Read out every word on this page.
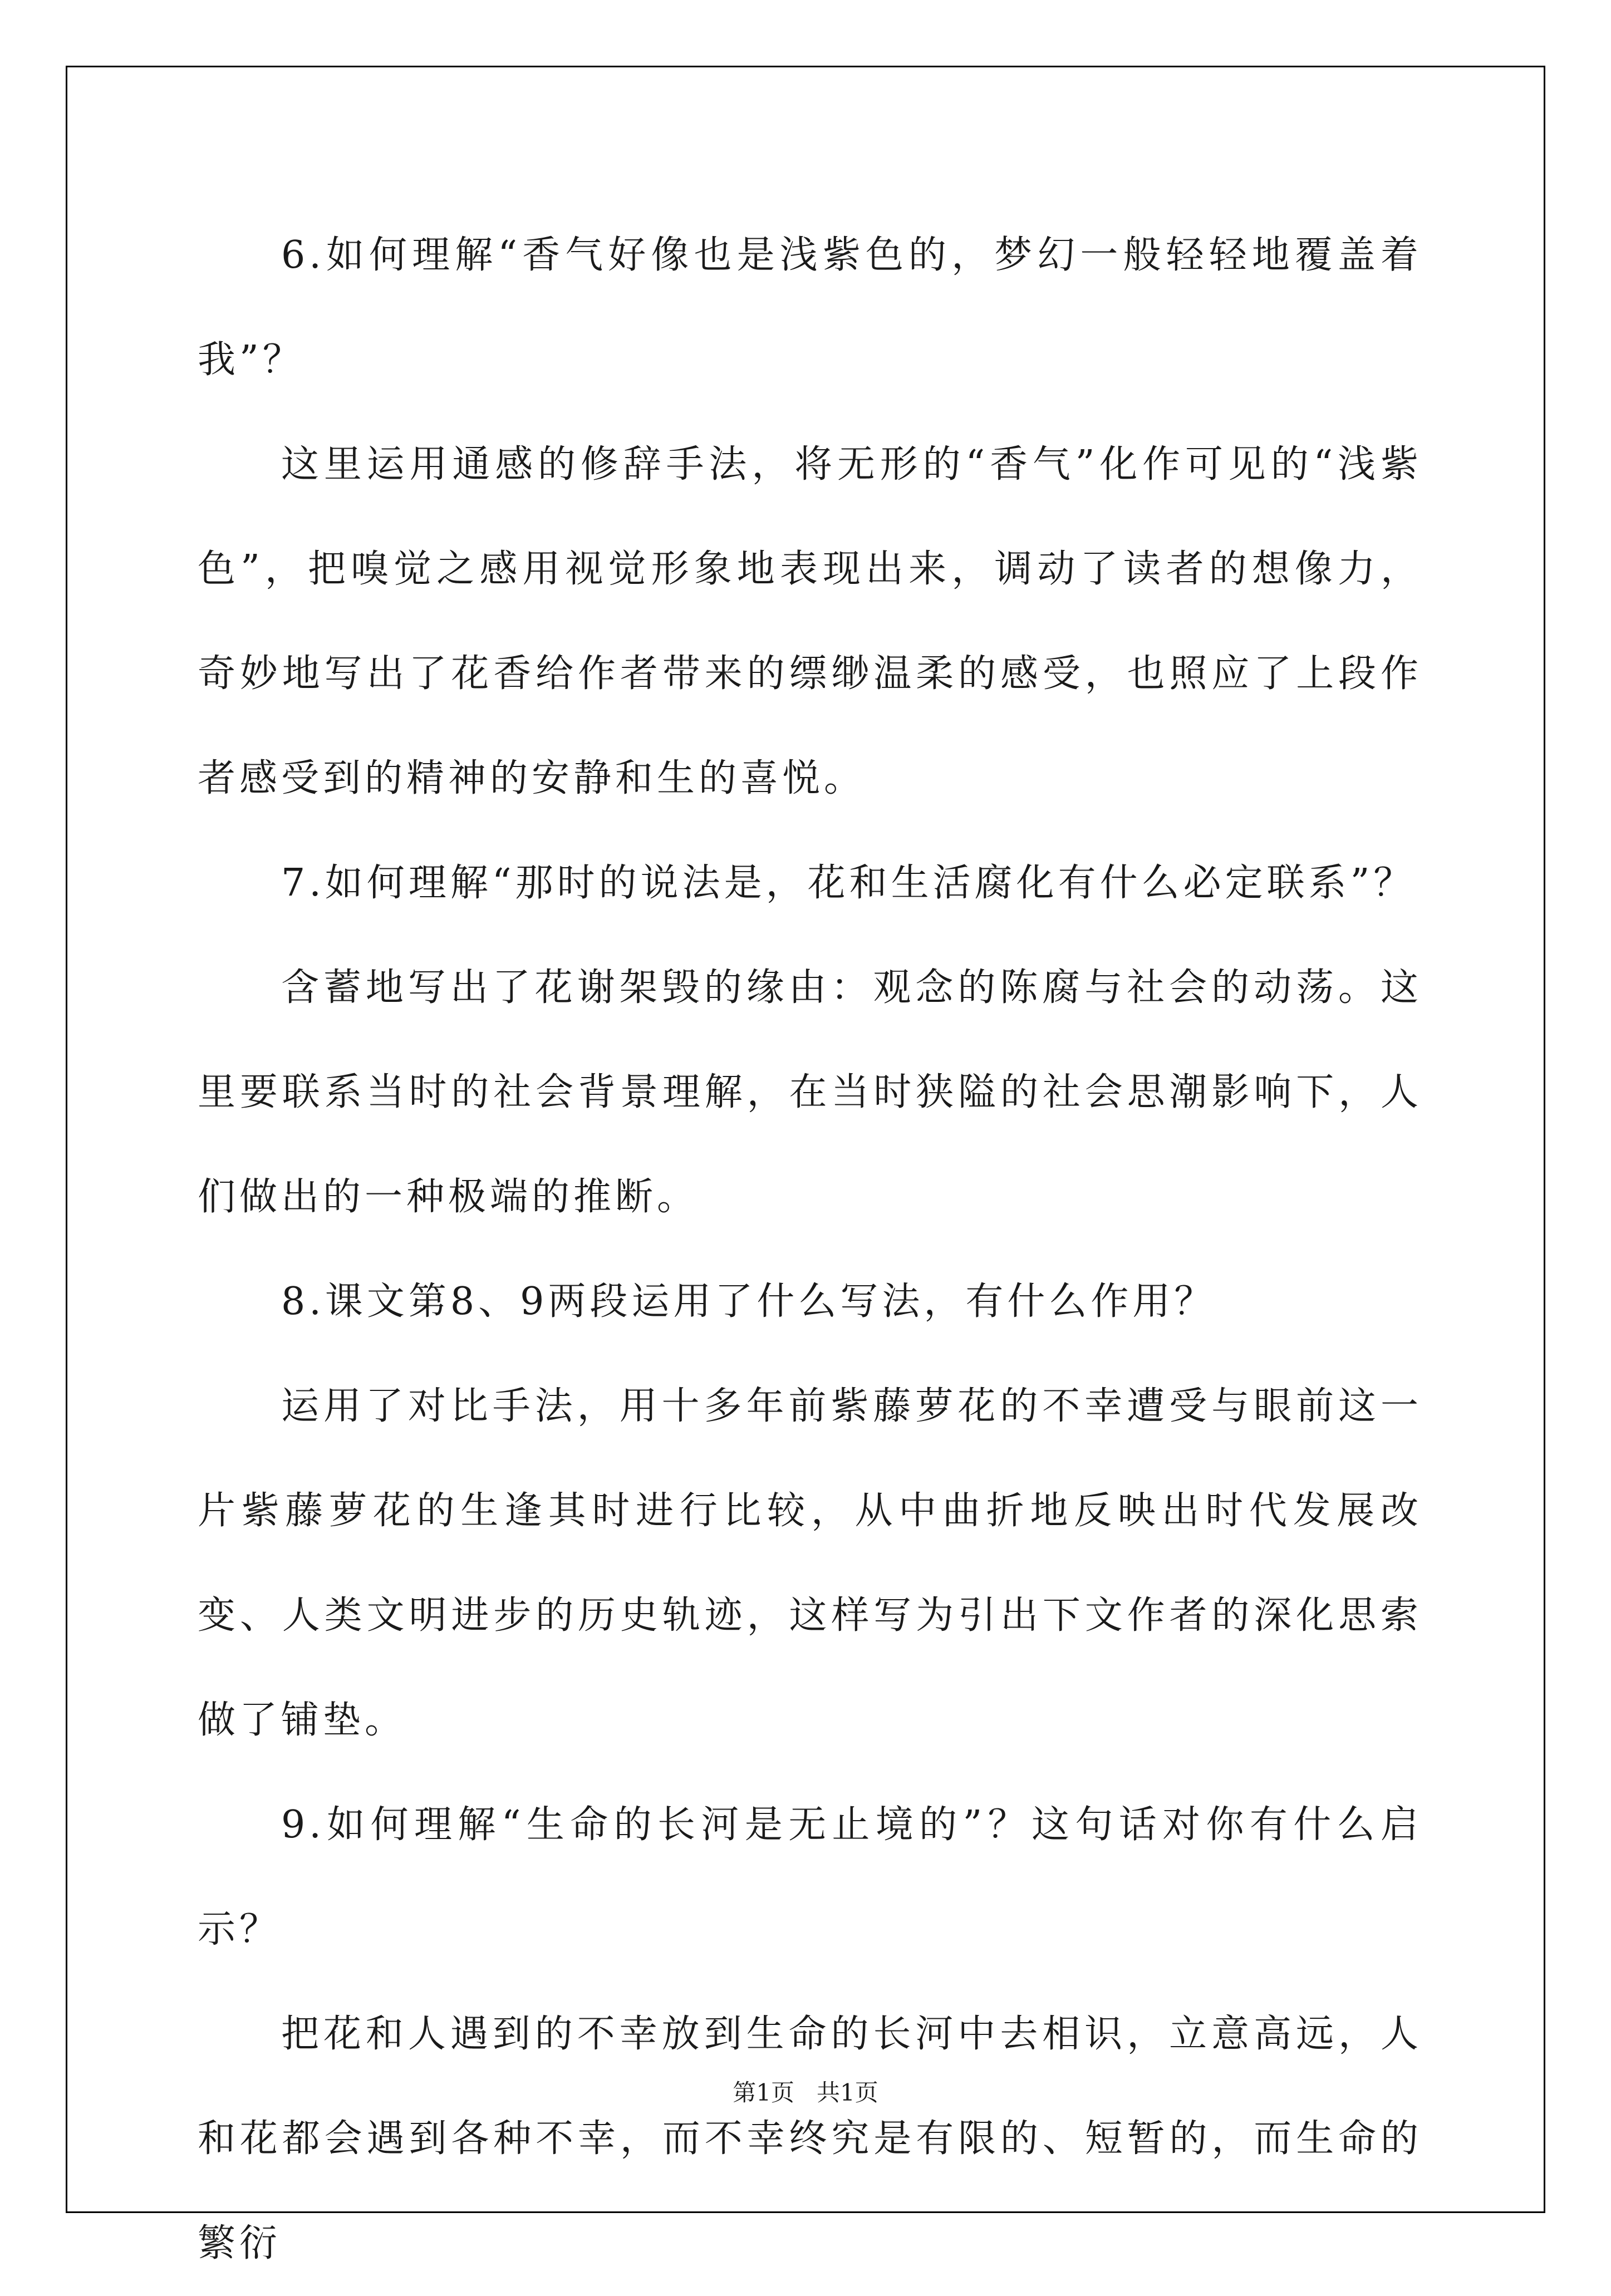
6.如何理解“香气好像也是浅紫色的，梦幻一般轻轻地覆盖着我”？

这里运用通感的修辞手法，将无形的“香气”化作可见的“浅紫色”，把嗅觉之感用视觉形象地表现出来，调动了读者的想像力，奇妙地写出了花香给作者带来的缥缈温柔的感受，也照应了上段作者感受到的精神的安静和生的喜悦。

7.如何理解“那时的说法是，花和生活腐化有什么必定联系”？

含蓄地写出了花谢架毁的缘由：观念的陈腐与社会的动荡。这里要联系当时的社会背景理解，在当时狭隘的社会思潮影响下，人们做出的一种极端的推断。

8.课文第8、9两段运用了什么写法，有什么作用？

运用了对比手法，用十多年前紫藤萝花的不幸遭受与眼前这一片紫藤萝花的生逢其时进行比较，从中曲折地反映出时代发展改变、人类文明进步的历史轨迹，这样写为引出下文作者的深化思索做了铺垫。

9.如何理解“生命的长河是无止境的”？这句话对你有什么启示？

把花和人遇到的不幸放到生命的长河中去相识，立意高远，人和花都会遇到各种不幸，而不幸终究是有限的、短暂的，而生命的繁衍

第1页 共1页
